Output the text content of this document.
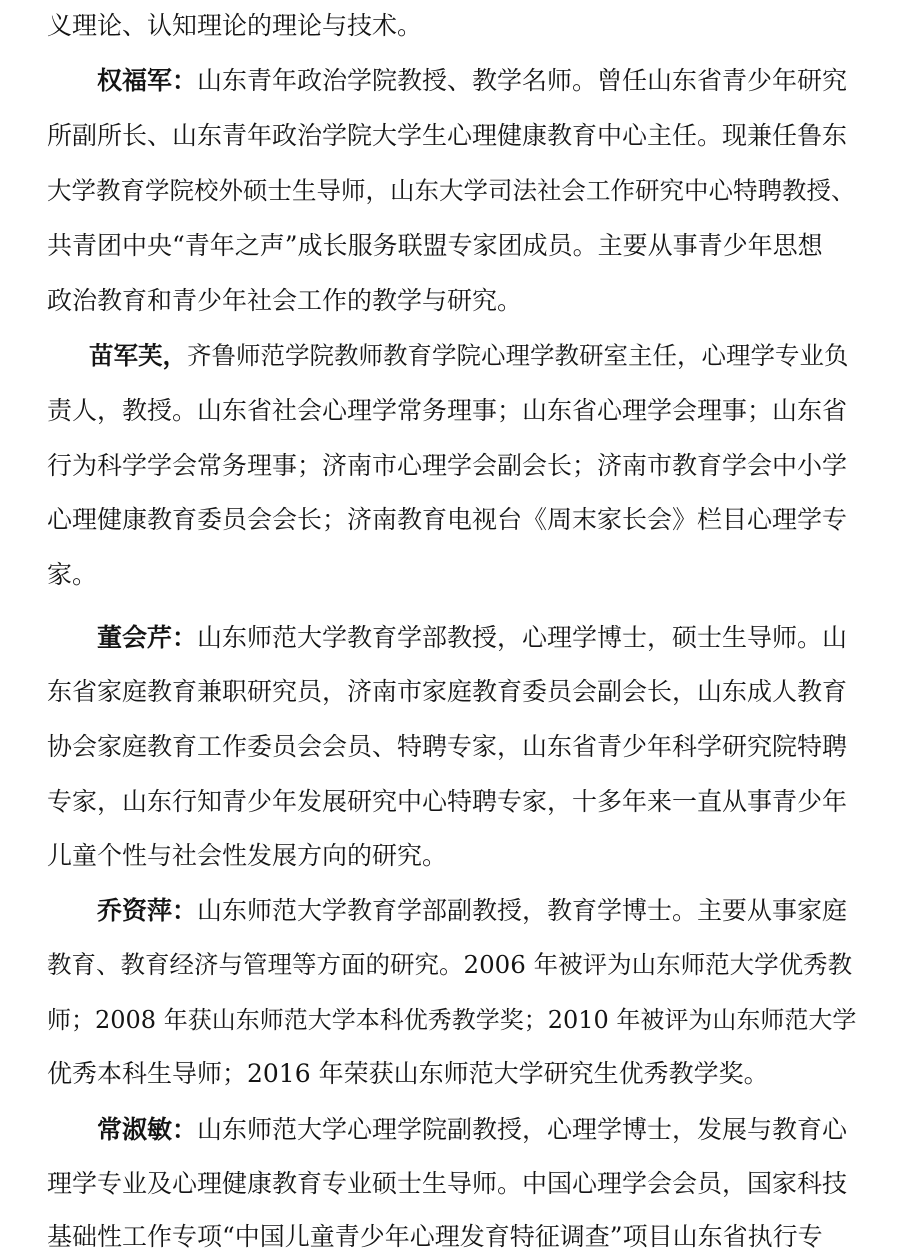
义理论、认知理论的理论与技术。
权福军：山东青年政治学院教授、教学名师。曾任山东省青少年研究
所副所长、山东青年政治学院大学生心理健康教育中心主任。现兼任鲁东
大学教育学院校外硕士生导师，山东大学司法社会工作研究中心特聘教授、
共青团中央“青年之声”成长服务联盟专家团成员。主要从事青少年思想
政治教育和青少年社会工作的教学与研究。
苗军芙，齐鲁师范学院教师教育学院心理学教研室主任，心理学专业负
责人，教授。山东省社会心理学常务理事；山东省心理学会理事；山东省
行为科学学会常务理事；济南市心理学会副会长；济南市教育学会中小学
心理健康教育委员会会长；济南教育电视台《周末家长会》栏目心理学专
家。
董会芹：山东师范大学教育学部教授，心理学博士，硕士生导师。山
东省家庭教育兼职研究员，济南市家庭教育委员会副会长，山东成人教育
协会家庭教育工作委员会会员、特聘专家，山东省青少年科学研究院特聘
专家，山东行知青少年发展研究中心特聘专家，十多年来一直从事青少年
儿童个性与社会性发展方向的研究。
乔资萍：山东师范大学教育学部副教授，教育学博士。主要从事家庭
教育、教育经济与管理等方面的研究。2006 年被评为山东师范大学优秀教
师；2008 年获山东师范大学本科优秀教学奖；2010 年被评为山东师范大学
优秀本科生导师；2016 年荣获山东师范大学研究生优秀教学奖。
常淑敏：山东师范大学心理学院副教授，心理学博士，发展与教育心
理学专业及心理健康教育专业硕士生导师。中国心理学会会员，国家科技
基础性工作专项“中国儿童青少年心理发育特征调查”项目山东省执行专
